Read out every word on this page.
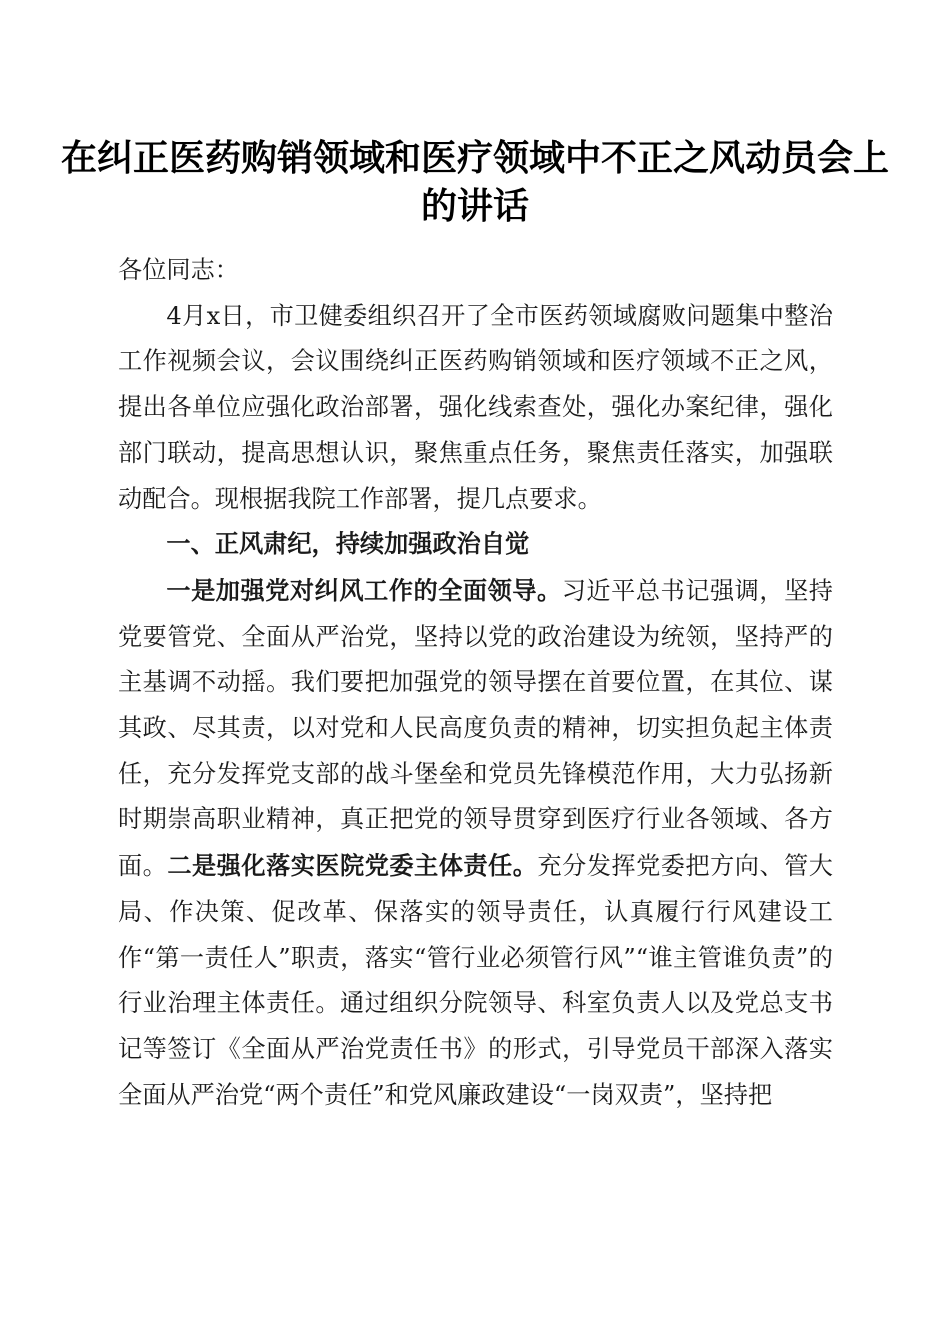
在纠正医药购销领域和医疗领域中不正之风动员会上的讲话

各位同志：

4月x日，市卫健委组织召开了全市医药领域腐败问题集中整治工作视频会议，会议围绕纠正医药购销领域和医疗领域不正之风，提出各单位应强化政治部署，强化线索查处，强化办案纪律，强化部门联动，提高思想认识，聚焦重点任务，聚焦责任落实，加强联动配合。现根据我院工作部署，提几点要求。

一、正风肃纪，持续加强政治自觉

一是加强党对纠风工作的全面领导。习近平总书记强调，坚持党要管党、全面从严治党，坚持以党的政治建设为统领，坚持严的主基调不动摇。我们要把加强党的领导摆在首要位置，在其位、谋其政、尽其责，以对党和人民高度负责的精神，切实担负起主体责任，充分发挥党支部的战斗堡垒和党员先锋模范作用，大力弘扬新时期崇高职业精神，真正把党的领导贯穿到医疗行业各领域、各方面。二是强化落实医院党委主体责任。充分发挥党委把方向、管大局、作决策、促改革、保落实的领导责任，认真履行行风建设工作“第一责任人”职责，落实“管行业必须管行风”“谁主管谁负责”的行业治理主体责任。通过组织分院领导、科室负责人以及党总支书记等签订《全面从严治党责任书》的形式，引导党员干部深入落实全面从严治党“两个责任”和党风廉政建设“一岗双责”，坚持把
